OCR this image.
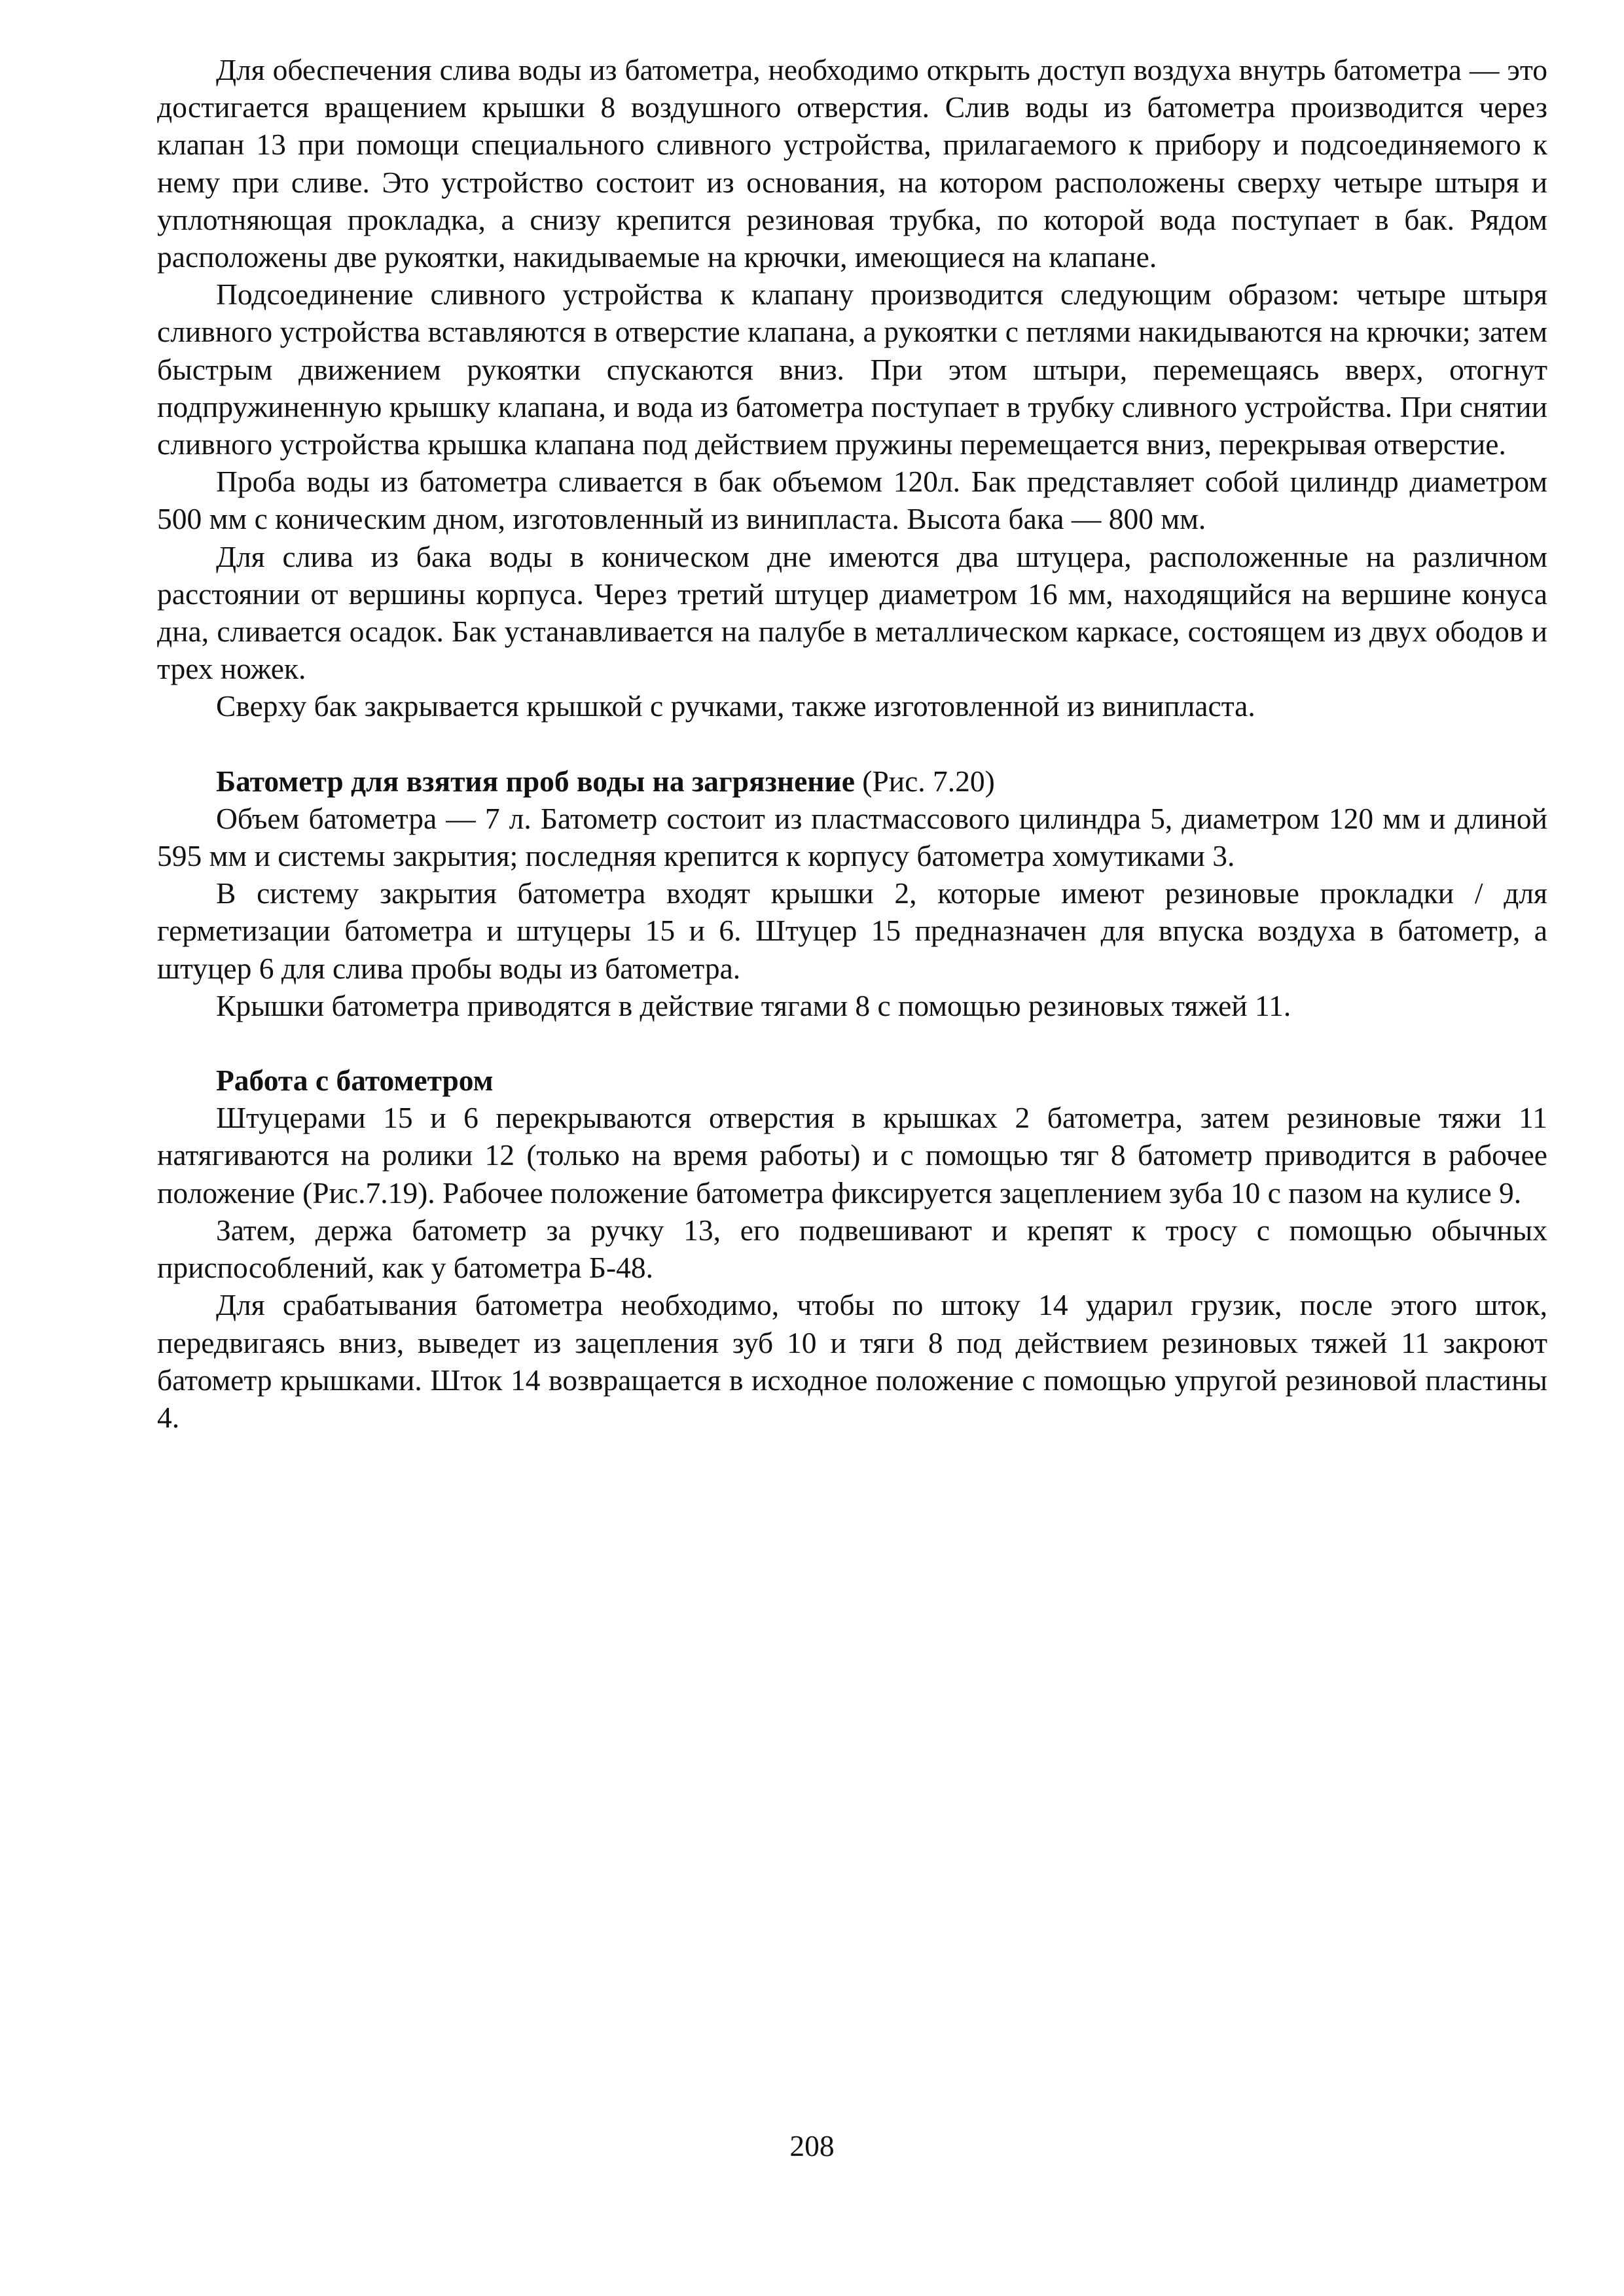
Для обеспечения слива воды из батометра, необходимо открыть доступ воздуха внутрь батометра — это достигается вращением крышки 8 воздушного отверстия. Слив воды из батометра производится через клапан 13 при помощи специального сливного устройства, прилагаемого к прибору и подсоединяемого к нему при сливе. Это устройство состоит из основания, на котором расположены сверху четыре штыря и уплотняющая прокладка, а снизу крепится резиновая трубка, по которой вода поступает в бак. Рядом расположены две рукоятки, накидываемые на крючки, имеющиеся на клапане.

Подсоединение сливного устройства к клапану производится следующим образом: четыре штыря сливного устройства вставляются в отверстие клапана, а рукоятки с петлями накидываются на крючки; затем быстрым движением рукоятки спускаются вниз. При этом штыри, перемещаясь вверх, отогнут подпружиненную крышку клапана, и вода из батометра поступает в трубку сливного устройства. При снятии сливного устройства крышка клапана под действием пружины перемещается вниз, перекрывая отверстие.

Проба воды из батометра сливается в бак объемом 120л. Бак представляет собой цилиндр диаметром 500 мм с коническим дном, изготовленный из винипласта. Высота бака — 800 мм.

Для слива из бака воды в коническом дне имеются два штуцера, расположенные на различном расстоянии от вершины корпуса. Через третий штуцер диаметром 16 мм, находящийся на вершине конуса дна, сливается осадок. Бак устанавливается на палубе в металлическом каркасе, состоящем из двух ободов и трех ножек.

Сверху бак закрывается крышкой с ручками, также изготовленной из винипласта.

Батометр для взятия проб воды на загрязнение (Рис. 7.20)

Объем батометра — 7 л. Батометр состоит из пластмассового цилиндра 5, диаметром 120 мм и длиной 595 мм и системы закрытия; последняя крепится к корпусу батометра хомутиками 3.

В систему закрытия батометра входят крышки 2, которые имеют резиновые прокладки / для герметизации батометра и штуцеры 15 и 6. Штуцер 15 предназначен для впуска воздуха в батометр, а штуцер 6 для слива пробы воды из батометра.

Крышки батометра приводятся в действие тягами 8 с помощью резиновых тяжей 11.

Работа с батометром

Штуцерами 15 и 6 перекрываются отверстия в крышках 2 батометра, затем резиновые тяжи 11 натягиваются на ролики 12 (только на время работы) и с помощью тяг 8 батометр приводится в рабочее положение (Рис.7.19). Рабочее положение батометра фиксируется зацеплением зуба 10 с пазом на кулисе 9.

Затем, держа батометр за ручку 13, его подвешивают и крепят к тросу с помощью обычных приспособлений, как у батометра Б-48.

Для срабатывания батометра необходимо, чтобы по штоку 14 ударил грузик, после этого шток, передвигаясь вниз, выведет из зацепления зуб 10 и тяги 8 под действием резиновых тяжей 11 закроют батометр крышками. Шток 14 возвращается в исходное положение с помощью упругой резиновой пластины 4.

208
